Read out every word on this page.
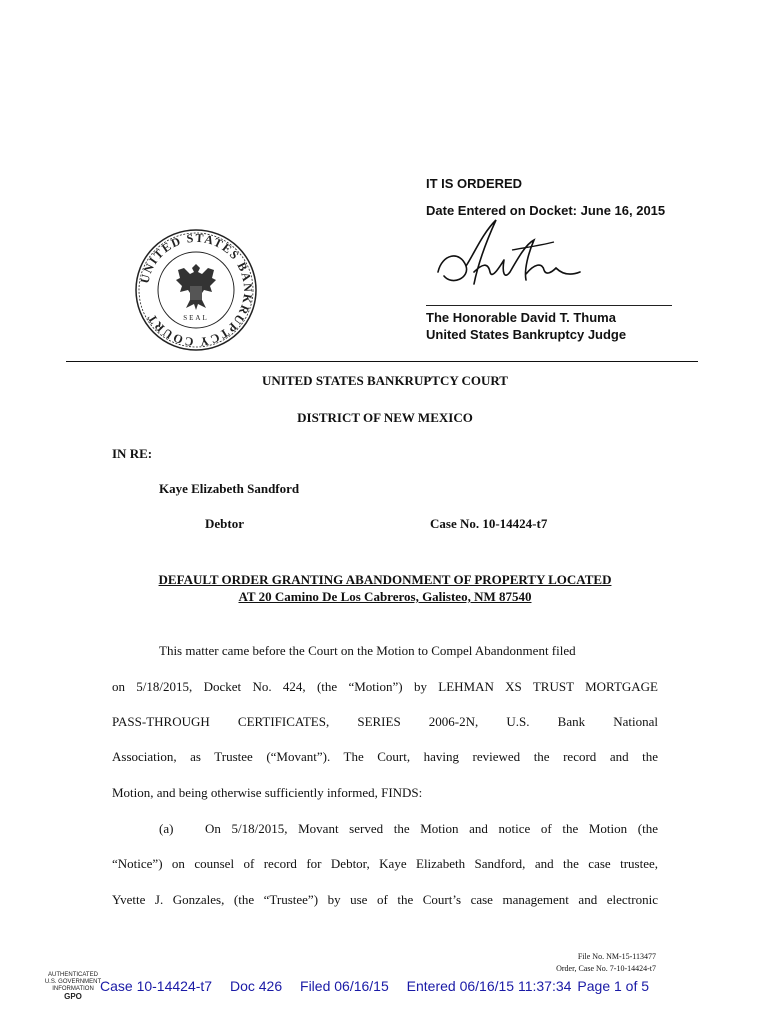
IT IS ORDERED
Date Entered on Docket: June 16, 2015
The Honorable David T. Thuma
United States Bankruptcy Judge
UNITED STATES BANKRUPTCY COURT	SEAL
UNITED STATES BANKRUPTCY COURT
DISTRICT OF NEW MEXICO
IN RE:
Kaye Elizabeth Sandford
Debtor	Case No. 10-14424-t7
DEFAULT ORDER GRANTING ABANDONMENT OF PROPERTY LOCATED
AT 20 Camino De Los Cabreros, Galisteo, NM 87540
This matter came before the Court on the Motion to Compel Abandonment filed
on 5/18/2015, Docket No. 424, (the “Motion”) by LEHMAN XS TRUST MORTGAGE
PASS-THROUGH CERTIFICATES, SERIES 2006-2N, U.S. Bank National
Association, as Trustee (“Movant”). The Court, having reviewed the record and the
Motion, and being otherwise sufficiently informed, FINDS:
(a) On 5/18/2015, Movant served the Motion and notice of the Motion (the
“Notice”) on counsel of record for Debtor, Kaye Elizabeth Sandford, and the case trustee,
Yvette J. Gonzales, (the “Trustee”) by use of the Court’s case management and electronic
File No. NM-15-113477
Order, Case No. 7-10-14424-t7
AUTHENTICATED
U.S. GOVERNMENT
INFORMATION
GPO
Case 10-14424-t7 Doc 426 Filed 06/16/15 Entered 06/16/15 11:37:34 Page 1 of 5
